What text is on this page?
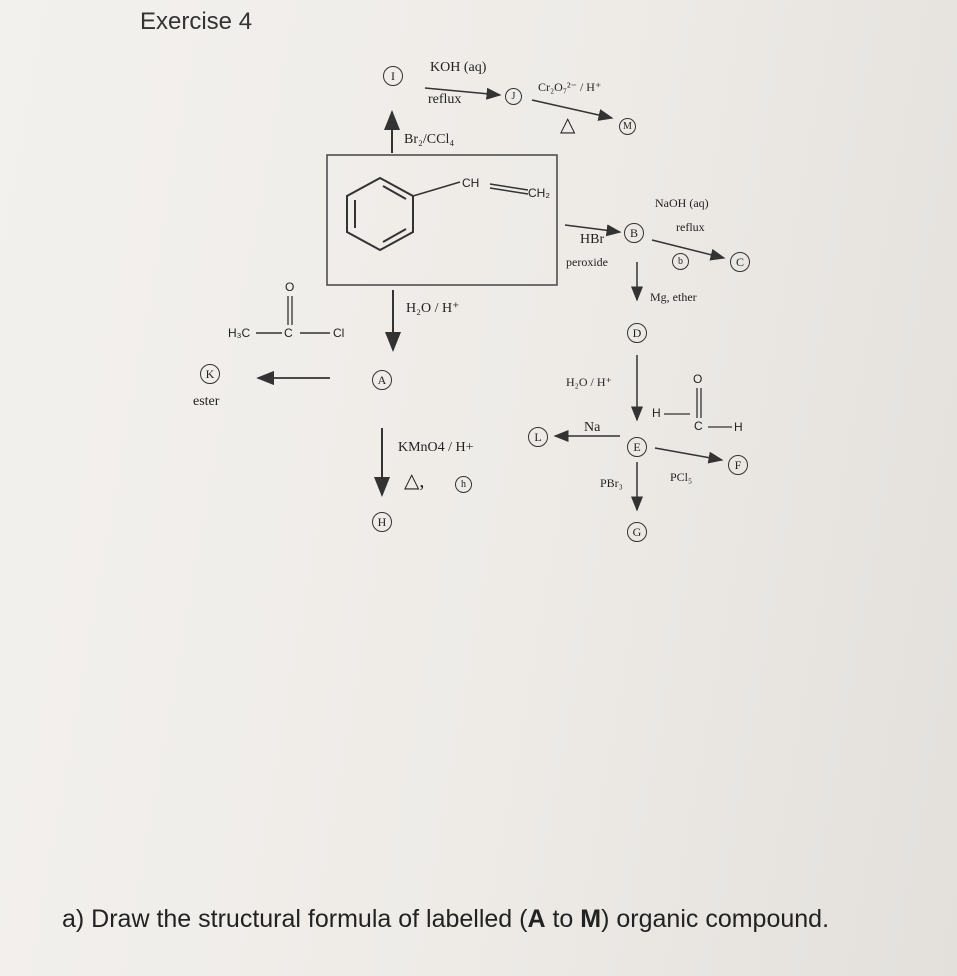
Exercise 4
I
KOH (aq)
reflux	J
Cr₂O₇²⁻ / H⁺
△	M
Br₂/CCl₄
CH
CH₂
NaOH (aq)
reflux
B
HBr
peroxide	b	C
Mg, ether
D
H₂O / H⁺	O
H
C	H
L
Na
E
F
PCl₅
PBr₃
G
O
H₃C	C	Cl
H₂O / H⁺
K
ester
A
KMnO4 / H+
△,	h
H
a) Draw the structural formula of labelled (A to M) organic compound.
